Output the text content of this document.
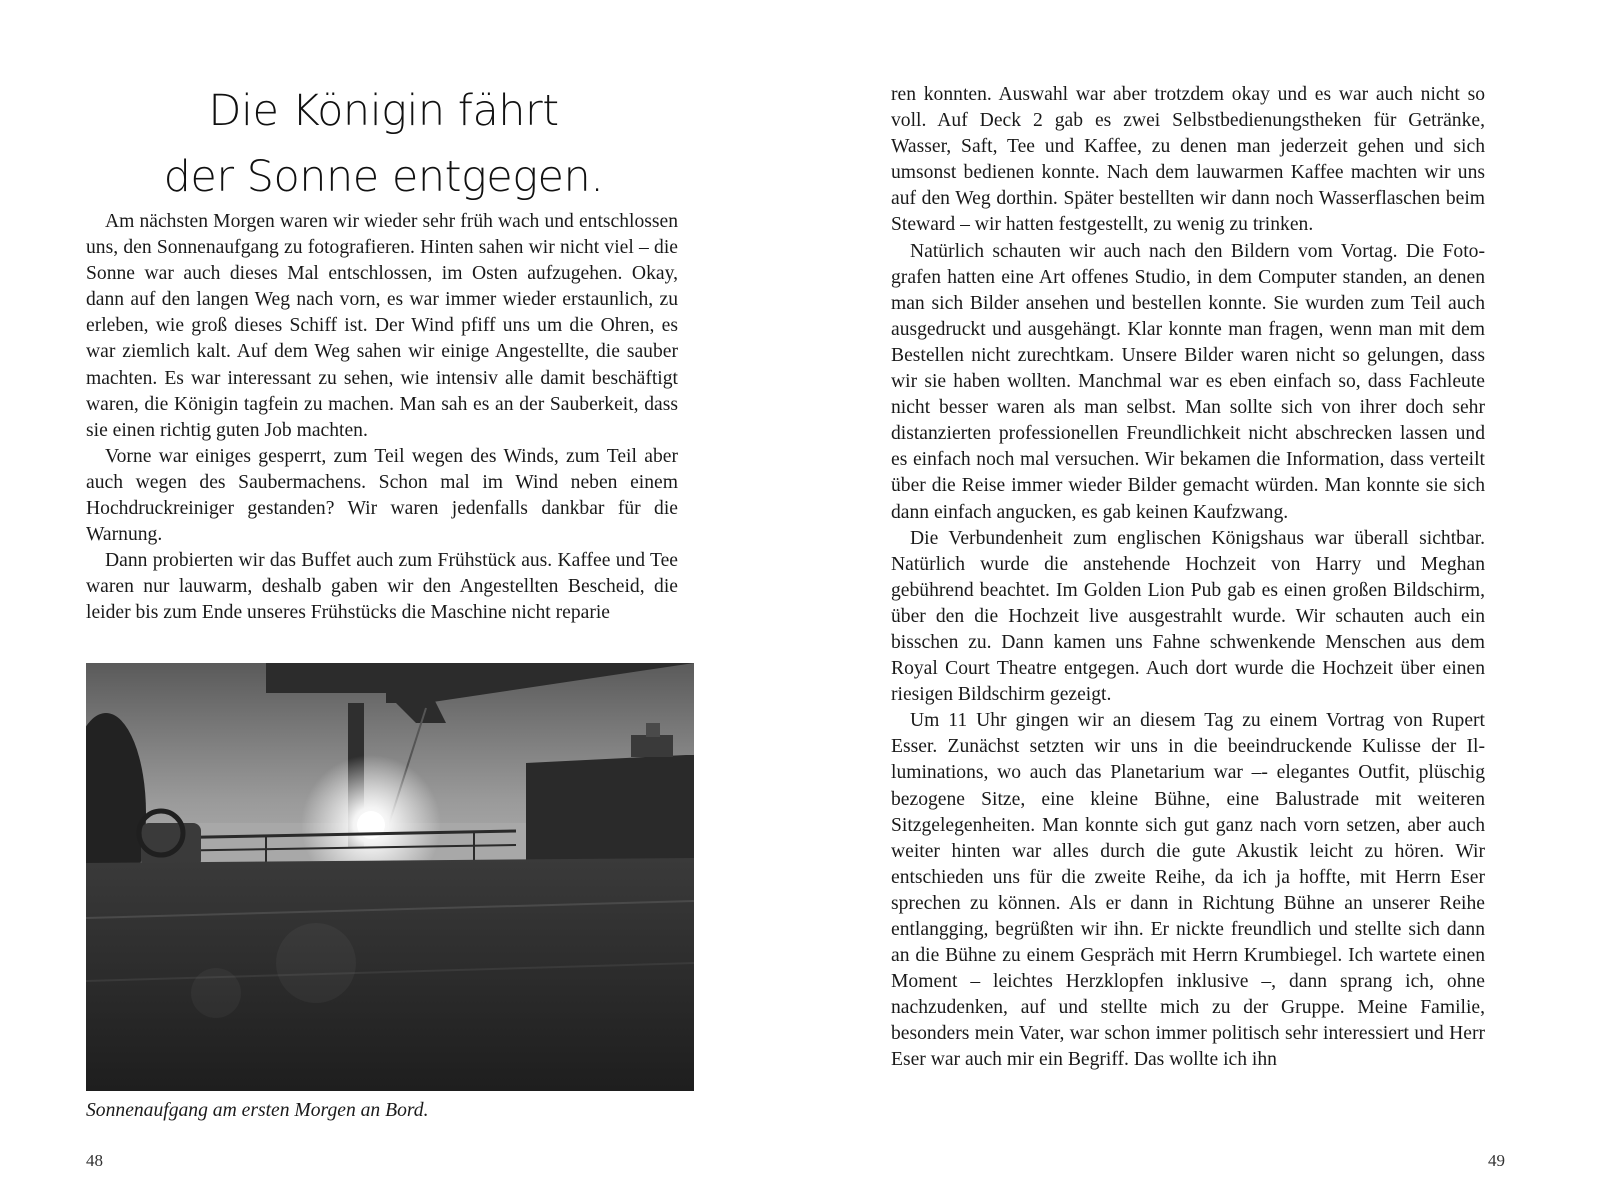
Die Königin fährt
der Sonne entgegen.

Am nächsten Morgen waren wir wieder sehr früh wach und entschlossen uns, den Sonnenaufgang zu fotografieren. Hinten sahen wir nicht viel – die Sonne war auch dieses Mal entschlossen, im Osten aufzugehen. Okay, dann auf den langen Weg nach vorn, es war immer wieder erstaunlich, zu erleben, wie groß dieses Schiff ist. Der Wind pfiff uns um die Ohren, es war ziemlich kalt. Auf dem Weg sahen wir einige Angestellte, die sauber machten. Es war interessant zu sehen, wie intensiv alle damit beschäftigt waren, die Königin tagfein zu machen. Man sah es an der Sauberkeit, dass sie einen richtig guten Job machten.

Vorne war einiges gesperrt, zum Teil wegen des Winds, zum Teil aber auch wegen des Saubermachens. Schon mal im Wind neben einem Hochdruckreiniger gestanden? Wir waren jedenfalls dankbar für die Warnung.

Dann probierten wir das Buffet auch zum Frühstück aus. Kaffee und Tee waren nur lauwarm, deshalb gaben wir den Angestellten Bescheid, die leider bis zum Ende unseres Frühstücks die Maschine nicht reparie

Sonnenaufgang am ersten Morgen an Bord.
48

ren konnten. Auswahl war aber trotzdem okay und es war auch nicht so voll. Auf Deck 2 gab es zwei Selbstbedienungstheken für Getränke, Wasser, Saft, Tee und Kaffee, zu denen man jederzeit gehen und sich umsonst bedienen konnte. Nach dem lauwarmen Kaffee machten wir uns auf den Weg dorthin. Später bestellten wir dann noch Wasserflaschen beim Steward – wir hatten festgestellt, zu wenig zu trinken.

Natürlich schauten wir auch nach den Bildern vom Vortag. Die Fotografen hatten eine Art offenes Studio, in dem Computer standen, an denen man sich Bilder ansehen und bestellen konnte. Sie wurden zum Teil auch ausgedruckt und ausgehängt. Klar konnte man fragen, wenn man mit dem Bestellen nicht zurechtkam. Unsere Bilder waren nicht so gelungen, dass wir sie haben wollten. Manchmal war es eben einfach so, dass Fachleute nicht besser waren als man selbst. Man sollte sich von ihrer doch sehr distanzierten professionellen Freundlichkeit nicht abschrecken lassen und es einfach noch mal versuchen. Wir bekamen die Information, dass verteilt über die Reise immer wieder Bilder gemacht würden. Man konnte sie sich dann einfach angucken, es gab keinen Kaufzwang.

Die Verbundenheit zum englischen Königshaus war überall sichtbar. Natürlich wurde die anstehende Hochzeit von Harry und Meghan gebührend beachtet. Im Golden Lion Pub gab es einen großen Bildschirm, über den die Hochzeit live ausgestrahlt wurde. Wir schauten auch ein bisschen zu. Dann kamen uns Fahne schwenkende Menschen aus dem Royal Court Theatre entgegen. Auch dort wurde die Hochzeit über einen riesigen Bildschirm gezeigt.

Um 11 Uhr gingen wir an diesem Tag zu einem Vortrag von Rupert Esser. Zunächst setzten wir uns in die beeindruckende Kulisse der Illuminations, wo auch das Planetarium war –- elegantes Outfit, plüschig bezogene Sitze, eine kleine Bühne, eine Balustrade mit weiteren Sitzgelegenheiten. Man konnte sich gut ganz nach vorn setzen, aber auch weiter hinten war alles durch die gute Akustik leicht zu hören. Wir entschieden uns für die zweite Reihe, da ich ja hoffte, mit Herrn Eser sprechen zu können. Als er dann in Richtung Bühne an unserer Reihe entlangging, begrüßten wir ihn. Er nickte freundlich und stellte sich dann an die Bühne zu einem Gespräch mit Herrn Krumbiegel. Ich wartete einen Moment – leichtes Herzklopfen inklusive –, dann sprang ich, ohne nachzudenken, auf und stellte mich zu der Gruppe. Meine Familie, besonders mein Vater, war schon immer politisch sehr interessiert und Herr Eser war auch mir ein Begriff. Das wollte ich ihn

49
